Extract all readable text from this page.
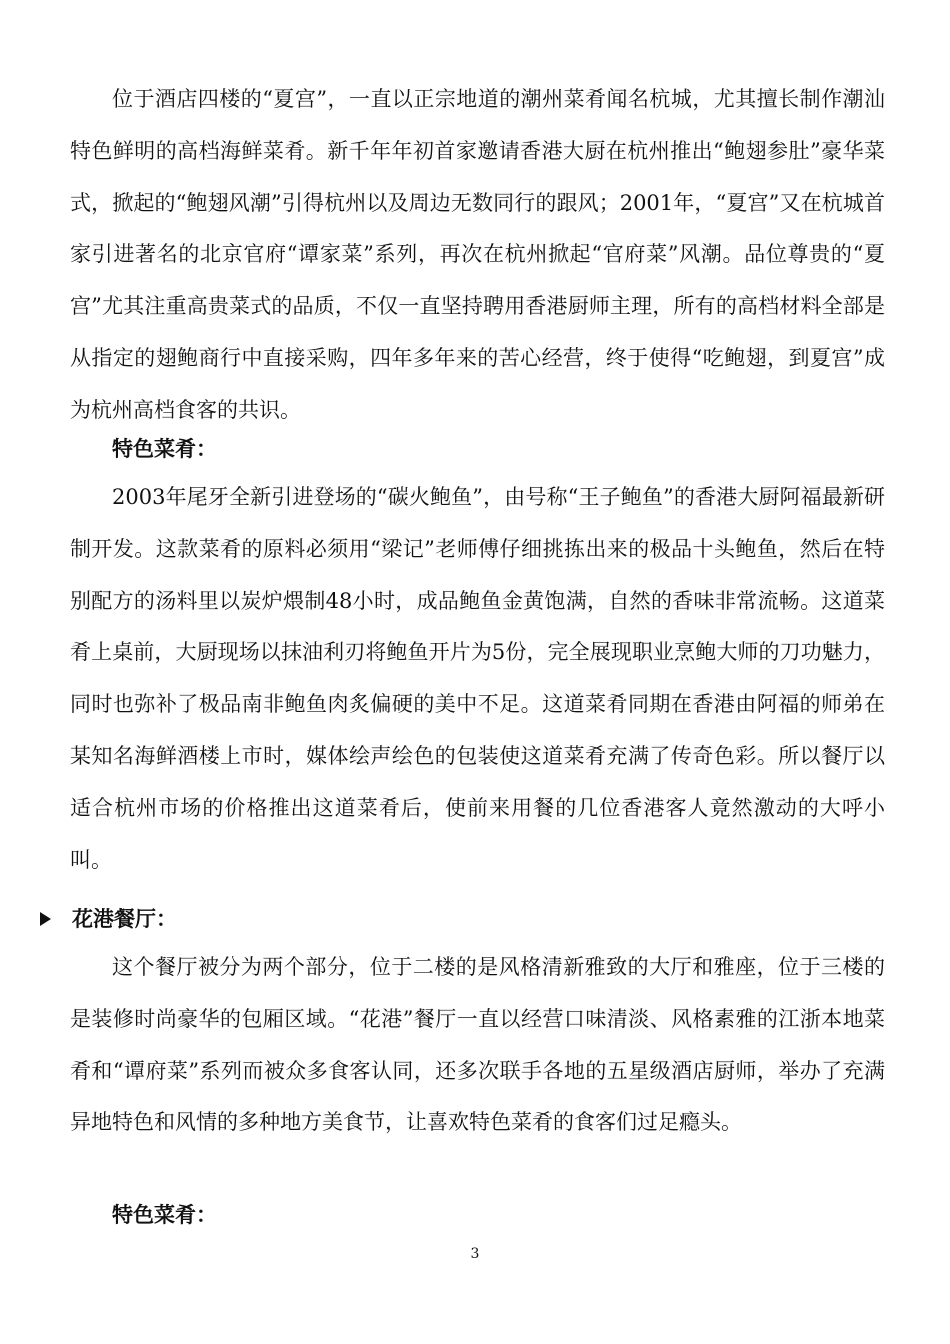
位于酒店四楼的“夏宫”，一直以正宗地道的潮州菜肴闻名杭城，尤其擅长制作潮汕特色鲜明的高档海鲜菜肴。新千年年初首家邀请香港大厨在杭州推出“鲍翅参肚”豪华菜式，掀起的“鲍翅风潮”引得杭州以及周边无数同行的跟风；2001年，“夏宫”又在杭城首家引进著名的北京官府“谭家菜”系列，再次在杭州掀起“官府菜”风潮。品位尊贵的“夏宫”尤其注重高贵菜式的品质，不仅一直坚持聘用香港厨师主理，所有的高档材料全部是从指定的翅鲍商行中直接采购，四年多年来的苦心经营，终于使得“吃鲍翅，到夏宫”成为杭州高档食客的共识。

特色菜肴：

2003年尾牙全新引进登场的“碳火鲍鱼”，由号称“王子鲍鱼”的香港大厨阿福最新研制开发。这款菜肴的原料必须用“梁记”老师傅仔细挑拣出来的极品十头鲍鱼，然后在特别配方的汤料里以炭炉煨制48小时，成品鲍鱼金黄饱满，自然的香味非常流畅。这道菜肴上桌前，大厨现场以抹油利刃将鲍鱼开片为5份，完全展现职业烹鲍大师的刀功魅力，同时也弥补了极品南非鲍鱼肉炙偏硬的美中不足。这道菜肴同期在香港由阿福的师弟在某知名海鲜酒楼上市时，媒体绘声绘色的包装使这道菜肴充满了传奇色彩。所以餐厅以适合杭州市场的价格推出这道菜肴后，使前来用餐的几位香港客人竟然激动的大呼小叫。

花港餐厅：

这个餐厅被分为两个部分，位于二楼的是风格清新雅致的大厅和雅座，位于三楼的是装修时尚豪华的包厢区域。“花港”餐厅一直以经营口味清淡、风格素雅的江浙本地菜肴和“谭府菜”系列而被众多食客认同，还多次联手各地的五星级酒店厨师，举办了充满异地特色和风情的多种地方美食节，让喜欢特色菜肴的食客们过足瘾头。

特色菜肴：

3
